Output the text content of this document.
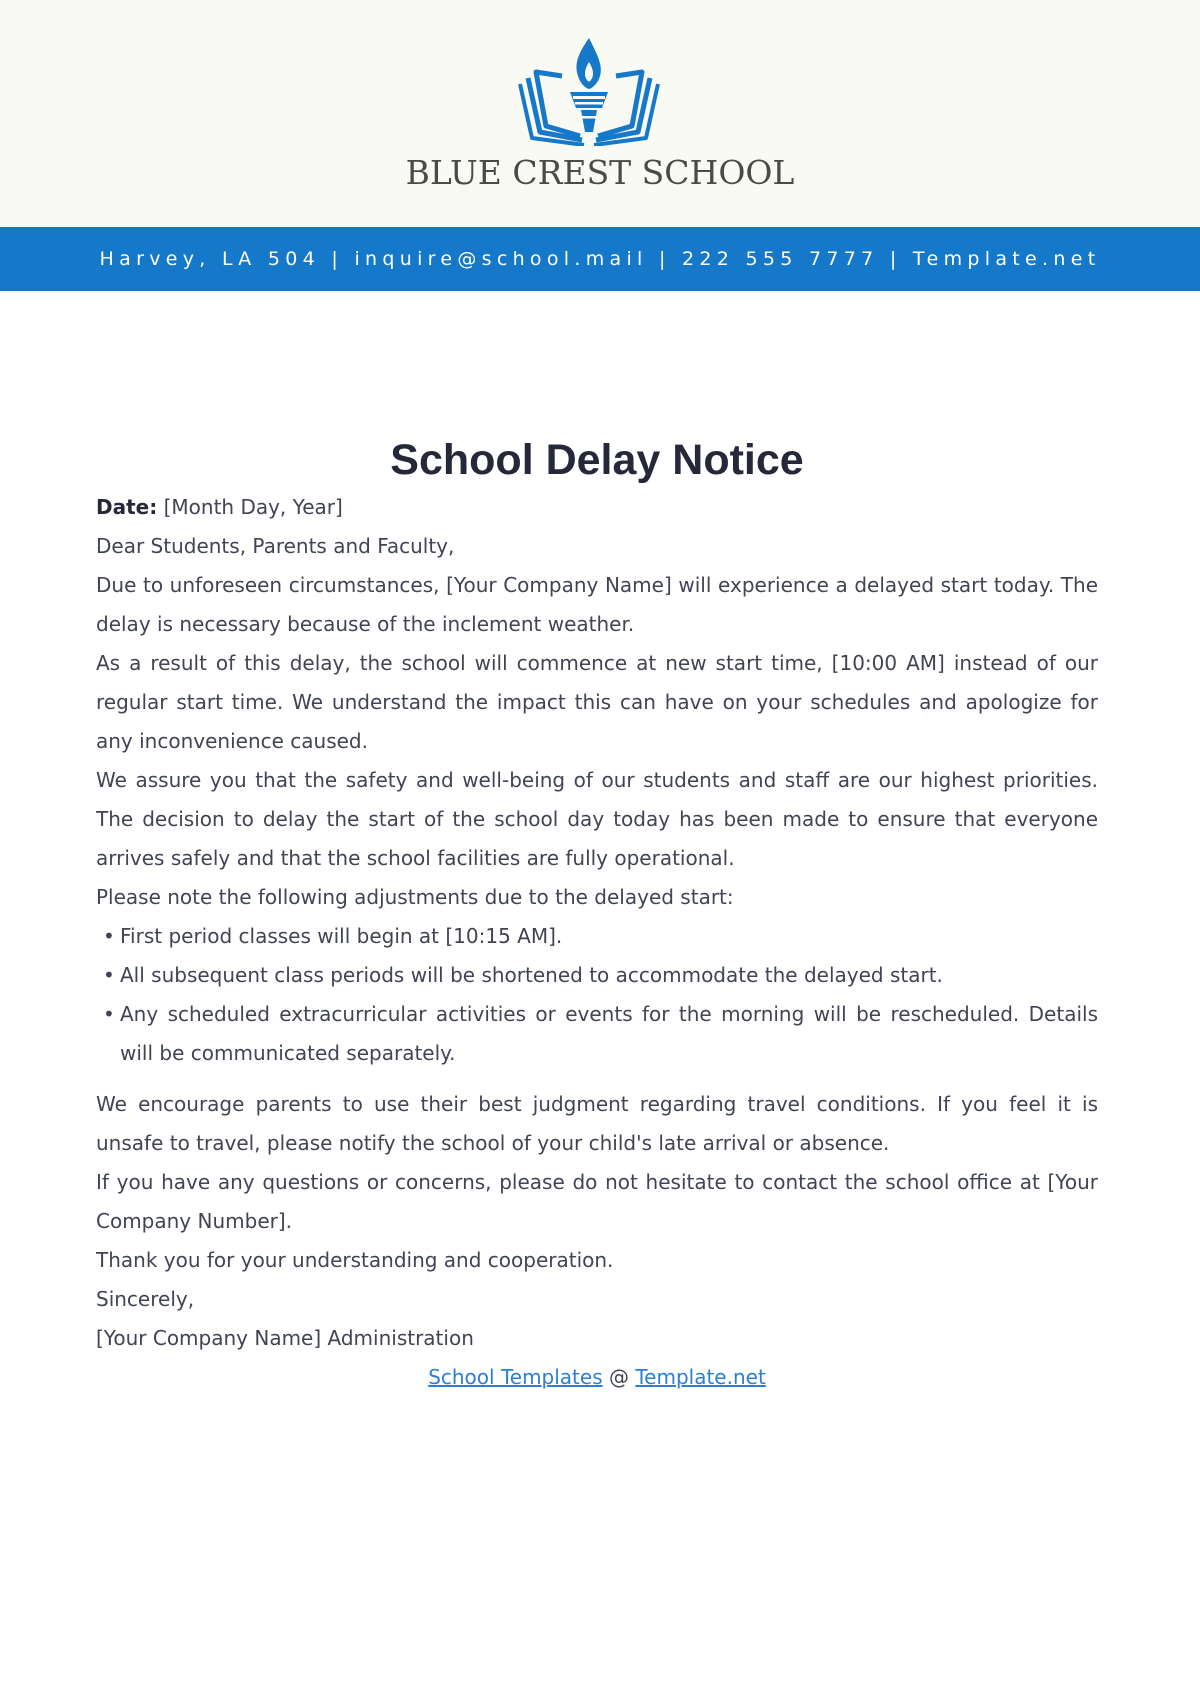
BLUE CREST SCHOOL
Harvey, LA 504 | inquire@school.mail | 222 555 7777 | Template.net
School Delay Notice

Date: [Month Day, Year]

Dear Students, Parents and Faculty,

Due to unforeseen circumstances, [Your Company Name] will experience a delayed start today. The delay is necessary because of the inclement weather.

As a result of this delay, the school will commence at new start time, [10:00 AM] instead of our regular start time. We understand the impact this can have on your schedules and apologize for any inconvenience caused.

We assure you that the safety and well-being of our students and staff are our highest priorities. The decision to delay the start of the school day today has been made to ensure that everyone arrives safely and that the school facilities are fully operational.

Please note the following adjustments due to the delayed start:

• First period classes will begin at [10:15 AM].
• All subsequent class periods will be shortened to accommodate the delayed start.
• Any scheduled extracurricular activities or events for the morning will be rescheduled. Details will be communicated separately.

We encourage parents to use their best judgment regarding travel conditions. If you feel it is unsafe to travel, please notify the school of your child's late arrival or absence.

If you have any questions or concerns, please do not hesitate to contact the school office at [Your Company Number].

Thank you for your understanding and cooperation.

Sincerely,

[Your Company Name] Administration

School Templates @ Template.net
